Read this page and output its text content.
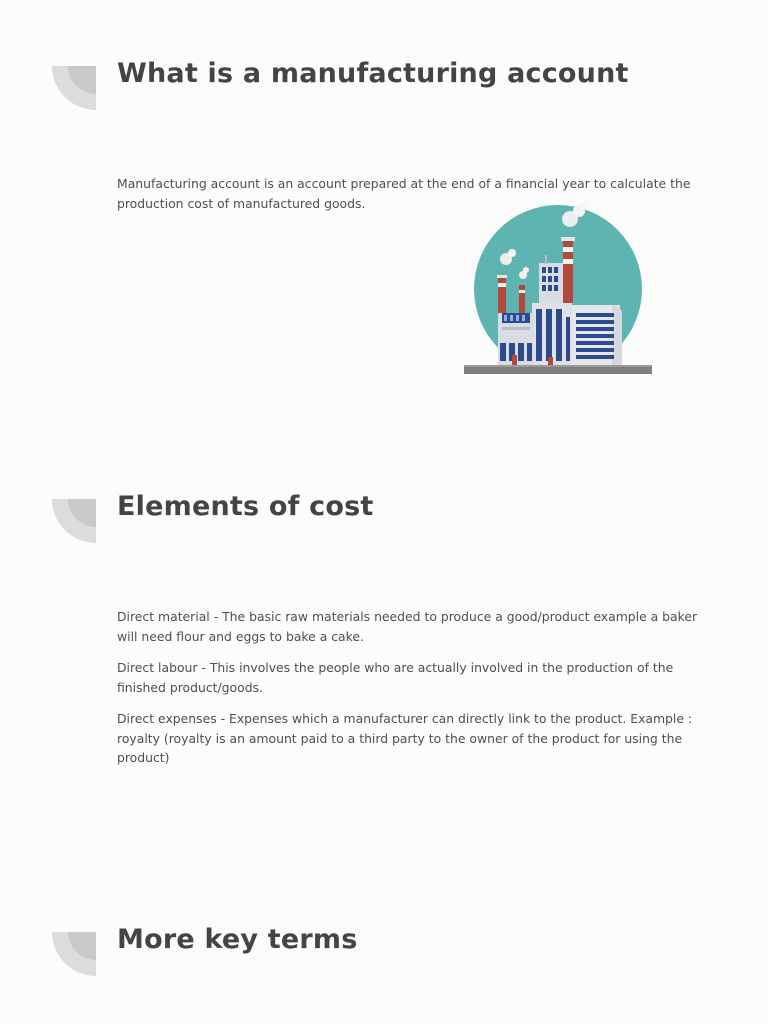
What is a manufacturing account

Manufacturing account is an account prepared at the end of a financial year to calculate the production cost of manufactured goods.

Elements of cost

Direct material - The basic raw materials needed to produce a good/product example a baker will need flour and eggs to bake a cake.

Direct labour - This involves the people who are actually involved in the production of the finished product/goods.

Direct expenses - Expenses which a manufacturer can directly link to the product. Example : royalty (royalty is an amount paid to a third party to the owner of the product for using the product)

More key terms
